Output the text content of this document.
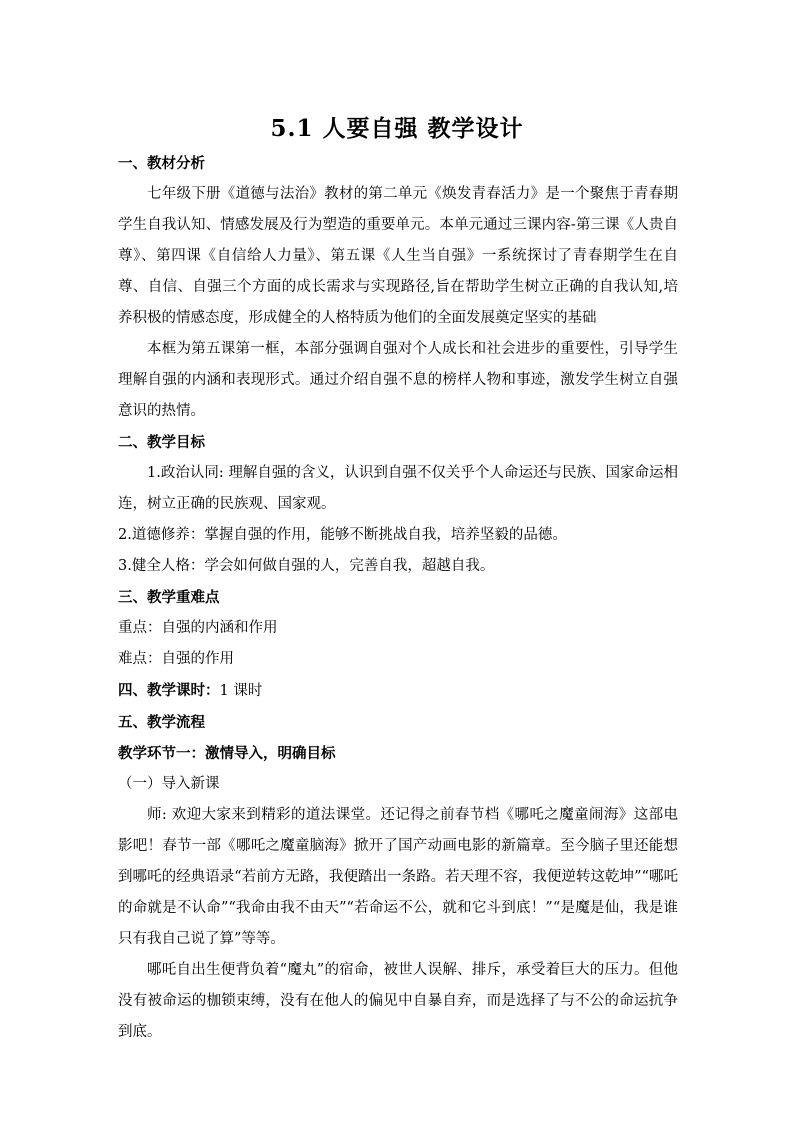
5.1 人要自强 教学设计

一、教材分析

七年级下册《道德与法治》教材的第二单元《焕发青春活力》是一个聚焦于青春期学生自我认知、情感发展及行为塑造的重要单元。本单元通过三课内容-第三课《人贵自尊》、第四课《自信给人力量》、第五课《人生当自强》一系统探讨了青春期学生在自尊、自信、自强三个方面的成长需求与实现路径,旨在帮助学生树立正确的自我认知,培养积极的情感态度，形成健全的人格特质为他们的全面发展奠定坚实的基础

本框为第五课第一框，本部分强调自强对个人成长和社会进步的重要性，引导学生理解自强的内涵和表现形式。通过介绍自强不息的榜样人物和事迹，激发学生树立自强意识的热情。

二、教学目标

1.政治认同: 理解自强的含义，认识到自强不仅关乎个人命运还与民族、国家命运相连，树立正确的民族观、国家观。

2.道德修养：掌握自强的作用，能够不断挑战自我，培养坚毅的品德。

3.健全人格：学会如何做自强的人，完善自我，超越自我。

三、教学重难点

重点：自强的内涵和作用

难点：自强的作用

四、教学课时：1 课时

五、教学流程

教学环节一：激情导入，明确目标

（一）导入新课

师: 欢迎大家来到精彩的道法课堂。还记得之前春节档《哪吒之魔童闹海》这部电影吧！春节一部《哪吒之魔童脑海》掀开了国产动画电影的新篇章。至今脑子里还能想到哪吒的经典语录“若前方无路，我便踏出一条路。若天理不容，我便逆转这乾坤”“哪吒的命就是不认命”“我命由我不由天”“若命运不公，就和它斗到底！”“是魔是仙，我是谁只有我自己说了算”等等。

哪吒自出生便背负着“魔丸”的宿命，被世人误解、排斥，承受着巨大的压力。但他没有被命运的枷锁束缚，没有在他人的偏见中自暴自弃，而是选择了与不公的命运抗争到底。
